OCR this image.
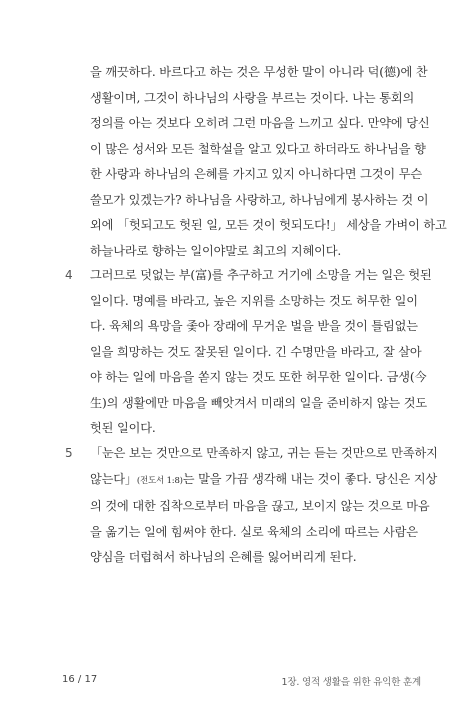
을 깨끗하다. 바르다고 하는 것은 무성한 말이 아니라 덕(德)에 찬
생활이며, 그것이 하나님의 사랑을 부르는 것이다. 나는 통회의
정의를 아는 것보다 오히려 그런 마음을 느끼고 싶다. 만약에 당신
이 많은 성서와 모든 철학설을 알고 있다고 하더라도 하나님을 향
한 사랑과 하나님의 은혜를 가지고 있지 아니하다면 그것이 무슨
쓸모가 있겠는가? 하나님을 사랑하고, 하나님에게 봉사하는 것 이
외에 「헛되고도 헛된 일, 모든 것이 헛되도다!」 세상을 가벼이 하고
하늘나라로 향하는 일이야말로 최고의 지혜이다.
4 그러므로 덧없는 부(富)를 추구하고 거기에 소망을 거는 일은 헛된
일이다. 명예를 바라고, 높은 지위를 소망하는 것도 허무한 일이
다. 육체의 욕망을 좇아 장래에 무거운 벌을 받을 것이 틀림없는
일을 희망하는 것도 잘못된 일이다. 긴 수명만을 바라고, 잘 살아
야 하는 일에 마음을 쏟지 않는 것도 또한 허무한 일이다. 금생(今
生)의 생활에만 마음을 빼앗겨서 미래의 일을 준비하지 않는 것도
헛된 일이다.
5 「눈은 보는 것만으로 만족하지 않고, 귀는 듣는 것만으로 만족하지
않는다」(전도서 1:8)는 말을 가끔 생각해 내는 것이 좋다. 당신은 지상
의 것에 대한 집착으로부터 마음을 끊고, 보이지 않는 것으로 마음
을 옮기는 일에 힘써야 한다. 실로 육체의 소리에 따르는 사람은
양심을 더럽혀서 하나님의 은혜를 잃어버리게 된다.
16 / 17	1장. 영적 생활을 위한 유익한 훈계
